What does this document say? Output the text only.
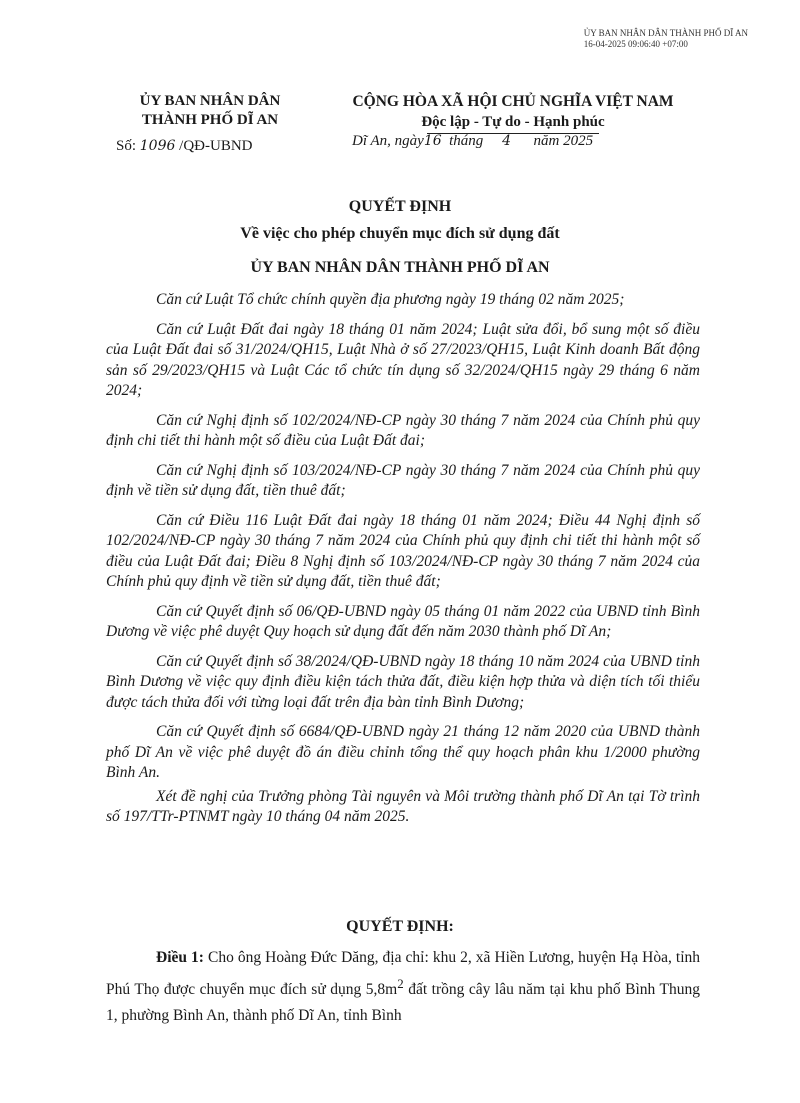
ỦY BAN NHÂN DÂN THÀNH PHỐ DĨ AN
16-04-2025 09:06:40 +07:00
ỦY BAN NHÂN DÂN
THÀNH PHỐ DĨ AN
Số: 1096 /QĐ-UBND
CỘNG HÒA XÃ HỘI CHỦ NGHĨA VIỆT NAM
Độc lập - Tự do - Hạnh phúc
Dĩ An, ngày16 tháng 4 năm 2025
QUYẾT ĐỊNH
Về việc cho phép chuyển mục đích sử dụng đất
ỦY BAN NHÂN DÂN THÀNH PHỐ DĨ AN

Căn cứ Luật Tổ chức chính quyền địa phương ngày 19 tháng 02 năm 2025;

Căn cứ Luật Đất đai ngày 18 tháng 01 năm 2024; Luật sửa đổi, bổ sung một số điều của Luật Đất đai số 31/2024/QH15, Luật Nhà ở số 27/2023/QH15, Luật Kinh doanh Bất động sản số 29/2023/QH15 và Luật Các tổ chức tín dụng số 32/2024/QH15 ngày 29 tháng 6 năm 2024;

Căn cứ Nghị định số 102/2024/NĐ-CP ngày 30 tháng 7 năm 2024 của Chính phủ quy định chi tiết thi hành một số điều của Luật Đất đai;

Căn cứ Nghị định số 103/2024/NĐ-CP ngày 30 tháng 7 năm 2024 của Chính phủ quy định về tiền sử dụng đất, tiền thuê đất;

Căn cứ Điều 116 Luật Đất đai ngày 18 tháng 01 năm 2024; Điều 44 Nghị định số 102/2024/NĐ-CP ngày 30 tháng 7 năm 2024 của Chính phủ quy định chi tiết thi hành một số điều của Luật Đất đai; Điều 8 Nghị định số 103/2024/NĐ-CP ngày 30 tháng 7 năm 2024 của Chính phủ quy định về tiền sử dụng đất, tiền thuê đất;

Căn cứ Quyết định số 06/QĐ-UBND ngày 05 tháng 01 năm 2022 của UBND tỉnh Bình Dương về việc phê duyệt Quy hoạch sử dụng đất đến năm 2030 thành phố Dĩ An;

Căn cứ Quyết định số 38/2024/QĐ-UBND ngày 18 tháng 10 năm 2024 của UBND tỉnh Bình Dương về việc quy định điều kiện tách thửa đất, điều kiện hợp thửa và diện tích tối thiểu được tách thửa đối với từng loại đất trên địa bàn tỉnh Bình Dương;

Căn cứ Quyết định số 6684/QĐ-UBND ngày 21 tháng 12 năm 2020 của UBND thành phố Dĩ An về việc phê duyệt đồ án điều chỉnh tổng thể quy hoạch phân khu 1/2000 phường Bình An.

Xét đề nghị của Trưởng phòng Tài nguyên và Môi trường thành phố Dĩ An tại Tờ trình số 197/TTr-PTNMT ngày 10 tháng 04 năm 2025.

QUYẾT ĐỊNH:
Điều 1: Cho ông Hoàng Đức Dăng, địa chỉ: khu 2, xã Hiền Lương, huyện Hạ Hòa, tỉnh Phú Thọ được chuyển mục đích sử dụng $5,8m^2$ đất trồng cây lâu năm tại khu phố Bình Thung 1, phường Bình An, thành phố Dĩ An, tỉnh Bình
